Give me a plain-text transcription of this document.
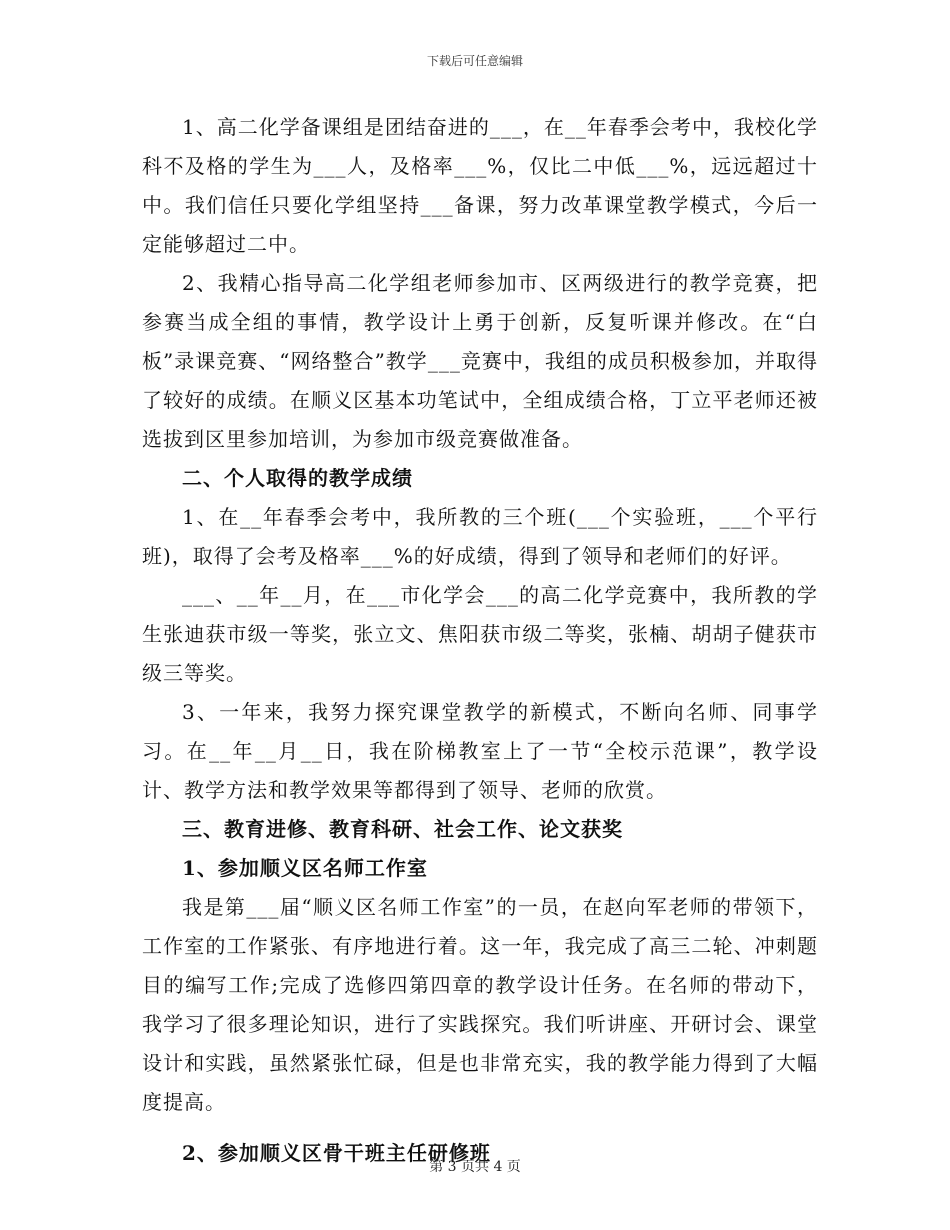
下载后可任意编辑

1、高二化学备课组是团结奋进的___，在__年春季会考中，我校化学科不及格的学生为___人，及格率___%，仅比二中低___%，远远超过十中。我们信任只要化学组坚持___备课，努力改革课堂教学模式，今后一定能够超过二中。

2、我精心指导高二化学组老师参加市、区两级进行的教学竞赛，把参赛当成全组的事情，教学设计上勇于创新，反复听课并修改。在“白板”录课竞赛、“网络整合”教学___竞赛中，我组的成员积极参加，并取得了较好的成绩。在顺义区基本功笔试中，全组成绩合格，丁立平老师还被选拔到区里参加培训，为参加市级竞赛做准备。

二、个人取得的教学成绩

1、在__年春季会考中，我所教的三个班(___个实验班，___个平行班)，取得了会考及格率___%的好成绩，得到了领导和老师们的好评。

___、__年__月，在___市化学会___的高二化学竞赛中，我所教的学生张迪获市级一等奖，张立文、焦阳获市级二等奖，张楠、胡胡子健获市级三等奖。

3、一年来，我努力探究课堂教学的新模式，不断向名师、同事学习。在__年__月__日，我在阶梯教室上了一节“全校示范课”，教学设计、教学方法和教学效果等都得到了领导、老师的欣赏。

三、教育进修、教育科研、社会工作、论文获奖

1、参加顺义区名师工作室

我是第___届“顺义区名师工作室”的一员，在赵向军老师的带领下，工作室的工作紧张、有序地进行着。这一年，我完成了高三二轮、冲刺题目的编写工作;完成了选修四第四章的教学设计任务。在名师的带动下，我学习了很多理论知识，进行了实践探究。我们听讲座、开研讨会、课堂设计和实践，虽然紧张忙碌，但是也非常充实，我的教学能力得到了大幅度提高。

2、参加顺义区骨干班主任研修班

第 3 页共 4 页
